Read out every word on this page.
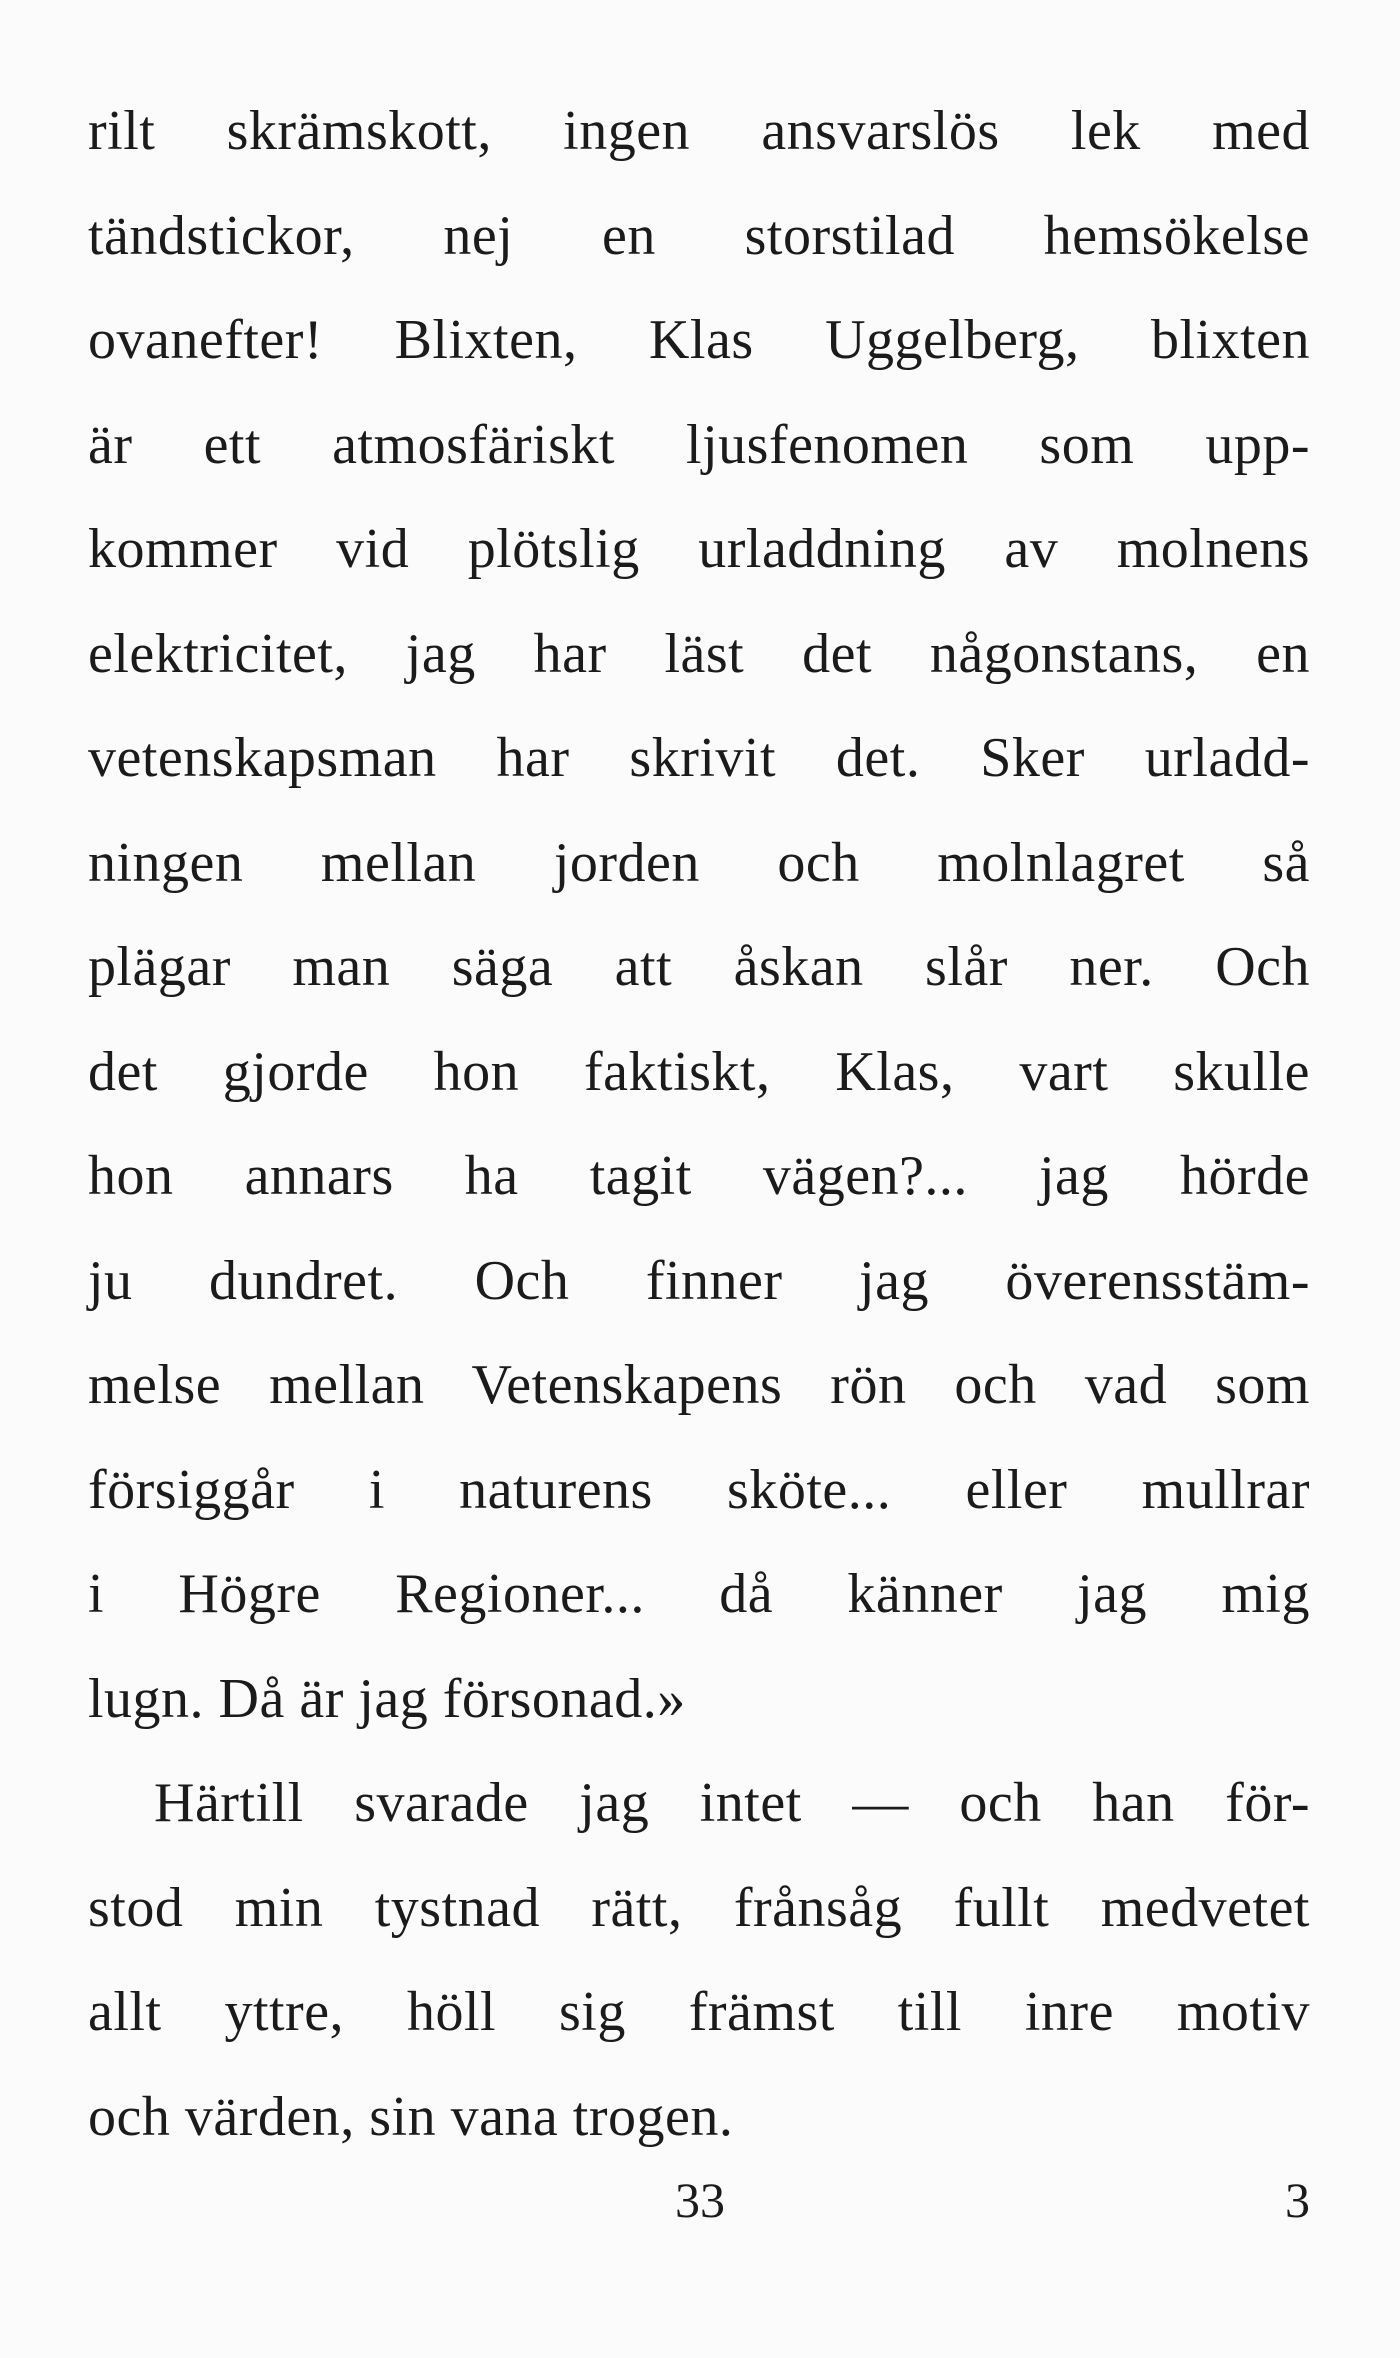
rilt skrämskott, ingen ansvarslös lek med
tändstickor, nej en storstilad hemsökelse
ovanefter! Blixten, Klas Uggelberg, blixten
är ett atmosfäriskt ljusfenomen som upp-
kommer vid plötslig urladdning av molnens
elektricitet, jag har läst det någonstans, en
vetenskapsman har skrivit det. Sker urladd-
ningen mellan jorden och molnlagret så
plägar man säga att åskan slår ner. Och
det gjorde hon faktiskt, Klas, vart skulle
hon annars ha tagit vägen?... jag hörde
ju dundret. Och finner jag överensstäm-
melse mellan Vetenskapens rön och vad som
försiggår i naturens sköte... eller mullrar
i Högre Regioner... då känner jag mig
lugn. Då är jag försonad.»
Härtill svarade jag intet — och han för-
stod min tystnad rätt, frånsåg fullt medvetet
allt yttre, höll sig främst till inre motiv
och värden, sin vana trogen.
33	3
